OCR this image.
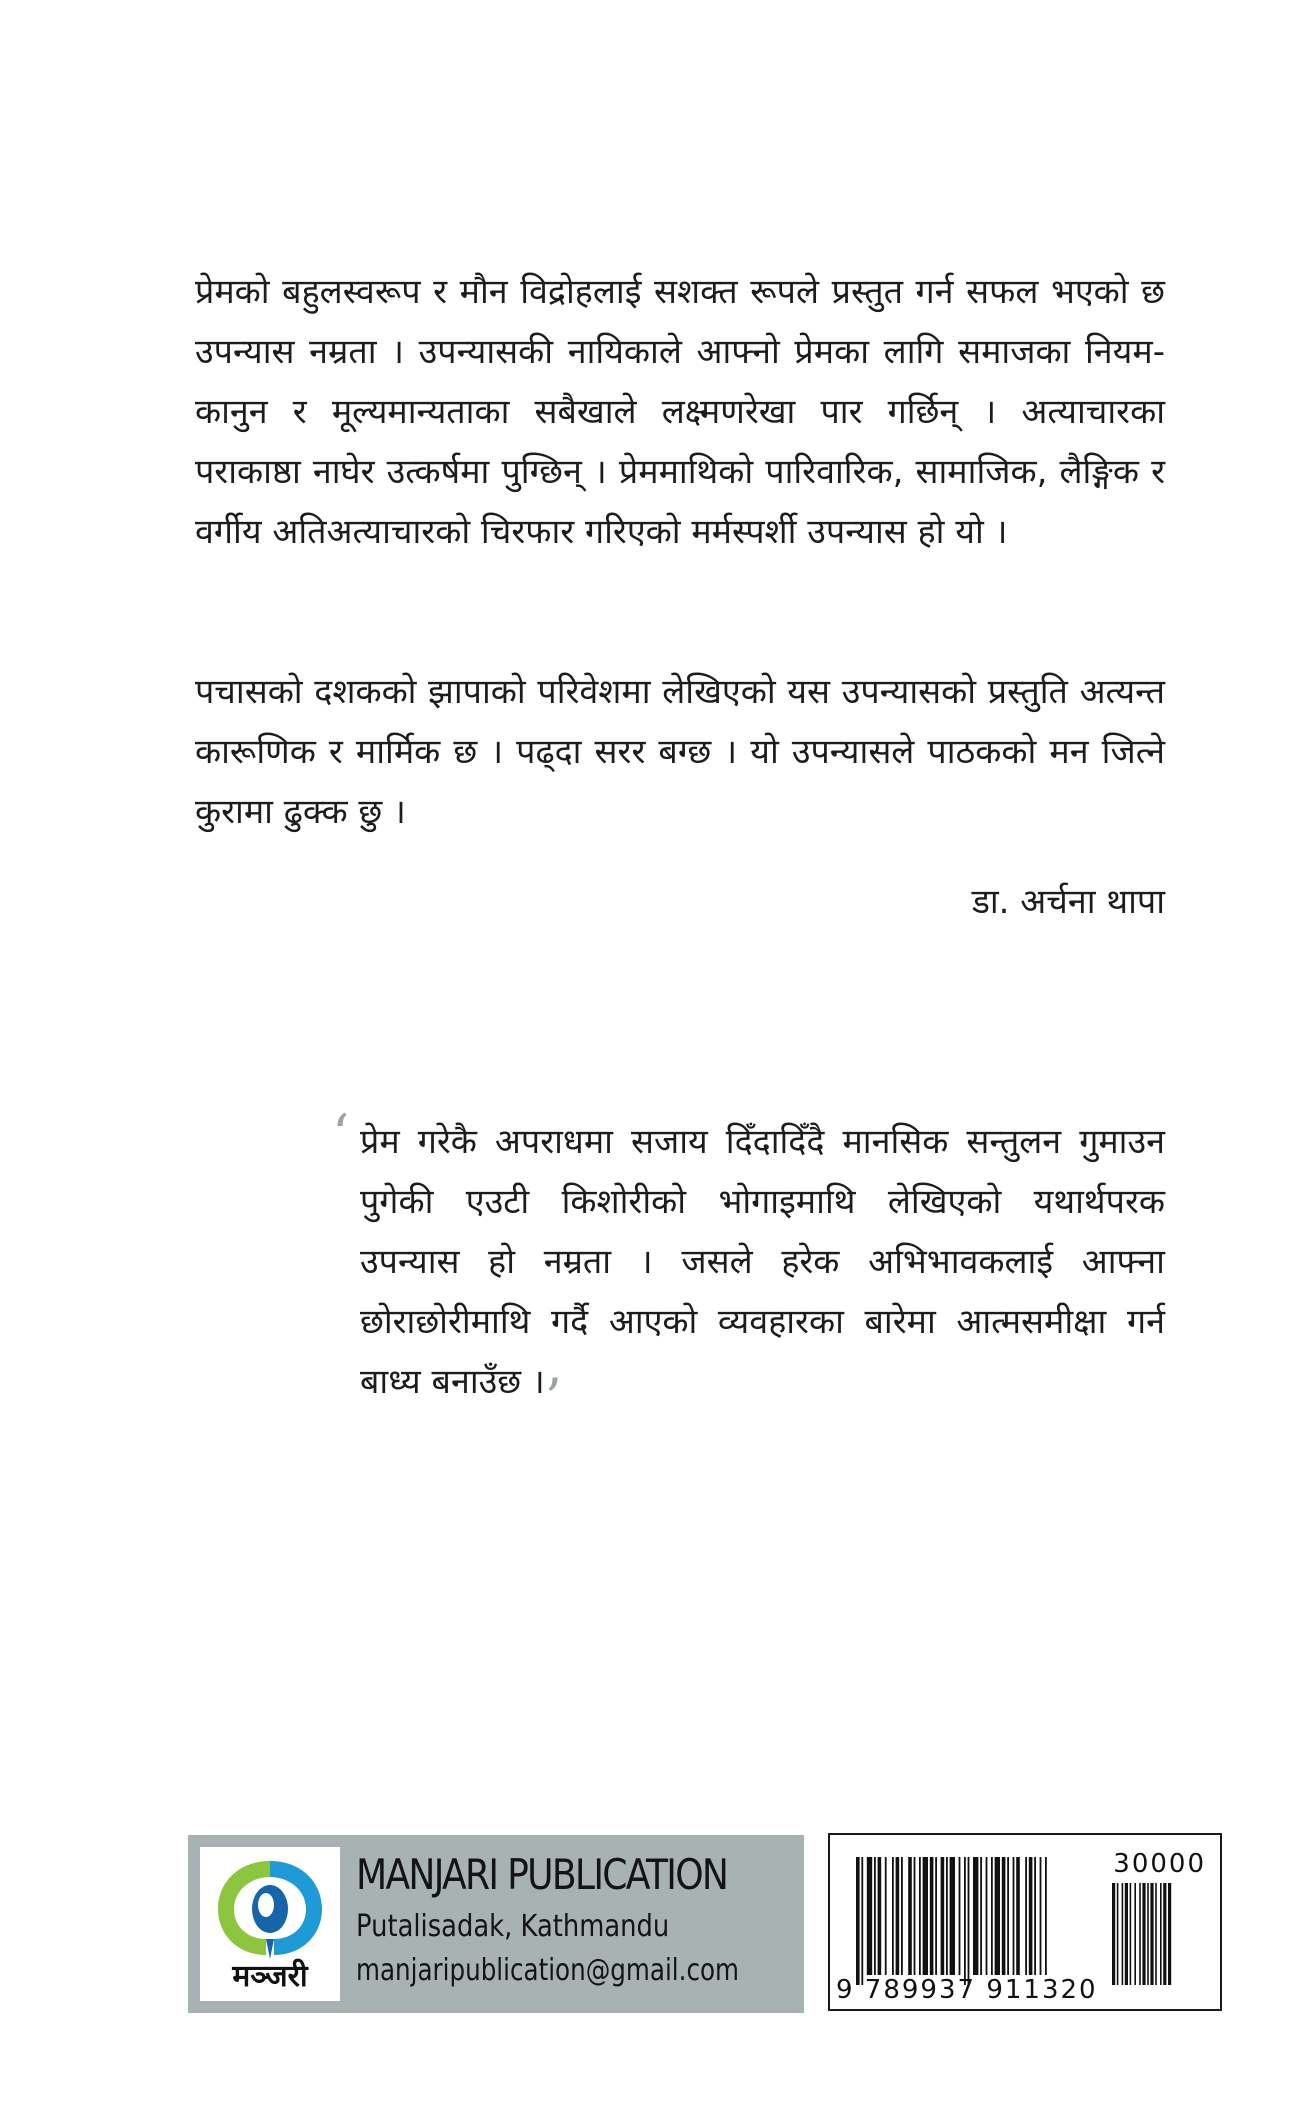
प्रेमको बहुलस्वरूप र मौन विद्रोहलाई सशक्त रूपले प्रस्तुत गर्न सफल भएको छ उपन्यास नम्रता । उपन्यासकी नायिकाले आफ्नो प्रेमका लागि समाजका नियम-कानुन र मूल्यमान्यताका सबैखाले लक्ष्मणरेखा पार गर्छिन् । अत्याचारका पराकाष्ठा नाघेर उत्कर्षमा पुग्छिन् । प्रेममाथिको पारिवारिक, सामाजिक, लैङ्गिक र वर्गीय अतिअत्याचारको चिरफार गरिएको मर्मस्पर्शी उपन्यास हो यो ।

पचासको दशकको झापाको परिवेशमा लेखिएको यस उपन्यासको प्रस्तुति अत्यन्त कारूणिक र मार्मिक छ । पढ्दा सरर बग्छ । यो उपन्यासले पाठकको मन जित्ने कुरामा ढुक्क छु ।

डा. अर्चना थापा

‘ प्रेम गरेकै अपराधमा सजाय दिँदादिँदै मानसिक सन्तुलन गुमाउन पुगेकी एउटी किशोरीको भोगाइमाथि लेखिएको यथार्थपरक उपन्यास हो नम्रता । जसले हरेक अभिभावकलाई आफ्ना छोराछोरीमाथि गर्दै आएको व्यवहारका बारेमा आत्मसमीक्षा गर्न बाध्य बनाउँछ ।’

मञ्जरी
MANJARI PUBLICATION
Putalisadak, Kathmandu
manjaripublication@gmail.com
30000
9 789937 911320
